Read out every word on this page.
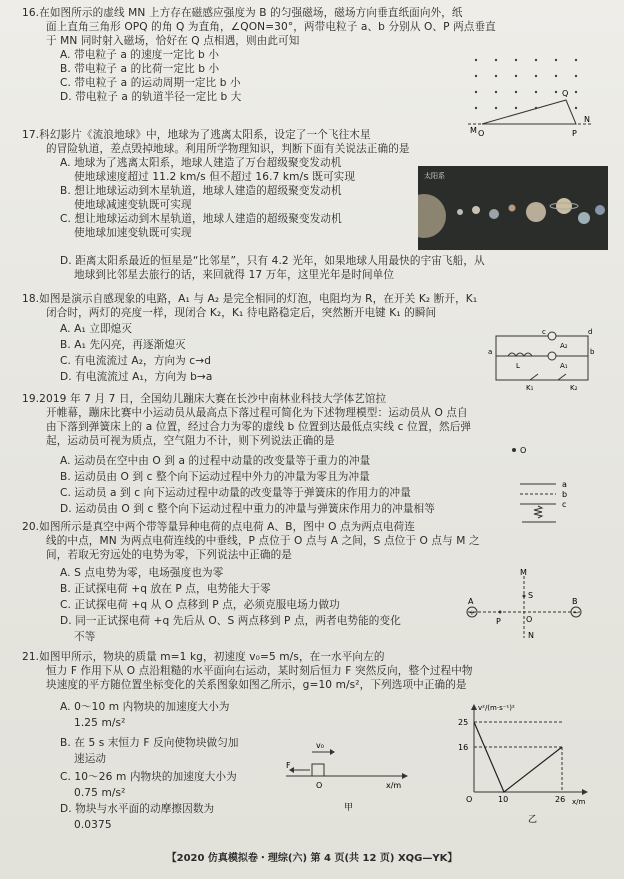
16.在如图所示的虚线 MN 上方存在磁感应强度为 B 的匀强磁场，磁场方向垂直纸面向外，纸
面上直角三角形 OPQ 的角 Q 为直角，∠QON=30°，两带电粒子 a、b 分别从 O、P 两点垂直
于 MN 同时射入磁场，恰好在 Q 点相遇，则由此可知
A. 带电粒子 a 的速度一定比 b 小
B. 带电粒子 a 的比荷一定比 b 小
C. 带电粒子 a 的运动周期一定比 b 小
D. 带电粒子 a 的轨道半径一定比 b 大
M
N
O	P
Q
17.科幻影片《流浪地球》中，地球为了逃离太阳系，设定了一个飞往木星
的冒险轨道，差点毁掉地球。利用所学物理知识，判断下面有关说法正确的是
A. 地球为了逃离太阳系，地球人建造了万台超级聚变发动机
使地球速度超过 11.2 km/s 但不超过 16.7 km/s 既可实现
B. 想让地球运动到木星轨道，地球人建造的超级聚变发动机
使地球减速变轨既可实现
C. 想让地球运动到木星轨道，地球人建造的超级聚变发动机
使地球加速变轨既可实现
D. 距离太阳系最近的恒星是“比邻星”，只有 4.2 光年，如果地球人用最快的宇宙飞船，从
地球到比邻星去旅行的话，来回就得 17 万年，这里光年是时间单位
太阳系
18.如图是演示自感现象的电路，A₁ 与 A₂ 是完全相同的灯泡，电阻均为 R，在开关 K₂ 断开，K₁
闭合时，两灯的亮度一样，现闭合 K₂，K₁ 待电路稳定后，突然断开电键 K₁ 的瞬间
A. A₁ 立即熄灭
B. A₁ 先闪亮，再逐渐熄灭
C. 有电流流过 A₂，方向为 c→d
D. 有电流流过 A₁，方向为 b→a
a	b
c	d
L	A₁
A₂
K₁	K₂
19.2019 年 7 月 7 日，全国幼儿蹦床大赛在长沙中南林业科技大学体艺馆拉
开帷幕，蹦床比赛中小运动员从最高点下落过程可简化为下述物理模型：运动员从 O 点自
由下落到弹簧床上的 a 位置，经过合力为零的虚线 b 位置到达最低点实线 c 位置，然后弹
起，运动员可视为质点，空气阻力不计，则下列说法正确的是
A. 运动员在空中由 O 到 a 的过程中动量的改变量等于重力的冲量
B. 运动员由 O 到 c 整个向下运动过程中外力的冲量为零且为冲量
C. 运动员 a 到 c 向下运动过程中动量的改变量等于弹簧床的作用力的冲量
D. 运动员由 O 到 c 整个向下运动过程中重力的冲量与弹簧床作用力的冲量相等
O
a
b
c
20.如图所示是真空中两个带等量异种电荷的点电荷 A、B，图中 O 点为两点电荷连
线的中点，MN 为两点电荷连线的中垂线，P 点位于 O 点与 A 之间，S 点位于 O 点与 M 之
间，若取无穷远处的电势为零，下列说法中正确的是
A. S 点电势为零，电场强度也为零
B. 正试探电荷 +q 放在 P 点，电势能大于零
C. 正试探电荷 +q 从 O 点移到 P 点，必须克服电场力做功
D. 同一正试探电荷 +q 先后从 O、S 两点移到 P 点，两者电势能的变化
不等
+	−
M
N
S
O
A	B
P
21.如图甲所示，物块的质量 m=1 kg，初速度 v₀=5 m/s，在一水平向左的
恒力 F 作用下从 O 点沿粗糙的水平面向右运动，某时刻后恒力 F 突然反向，整个过程中物
块速度的平方随位置坐标变化的关系图象如图乙所示，g=10 m/s²，下列选项中正确的是
A. 0～10 m 内物块的加速度大小为
1.25 m/s²
B. 在 5 s 末恒力 F 反向使物块做匀加
速运动
C. 10～26 m 内物块的加速度大小为
0.75 m/s²
D. 物块与水平面的动摩擦因数为
0.0375
v₀
F
O	x/m
甲
v²/(m·s⁻¹)²
x/m
25
16
O	10	26
乙
【2020 仿真模拟卷・理综(六) 第 4 页(共 12 页) XQG—YK】
